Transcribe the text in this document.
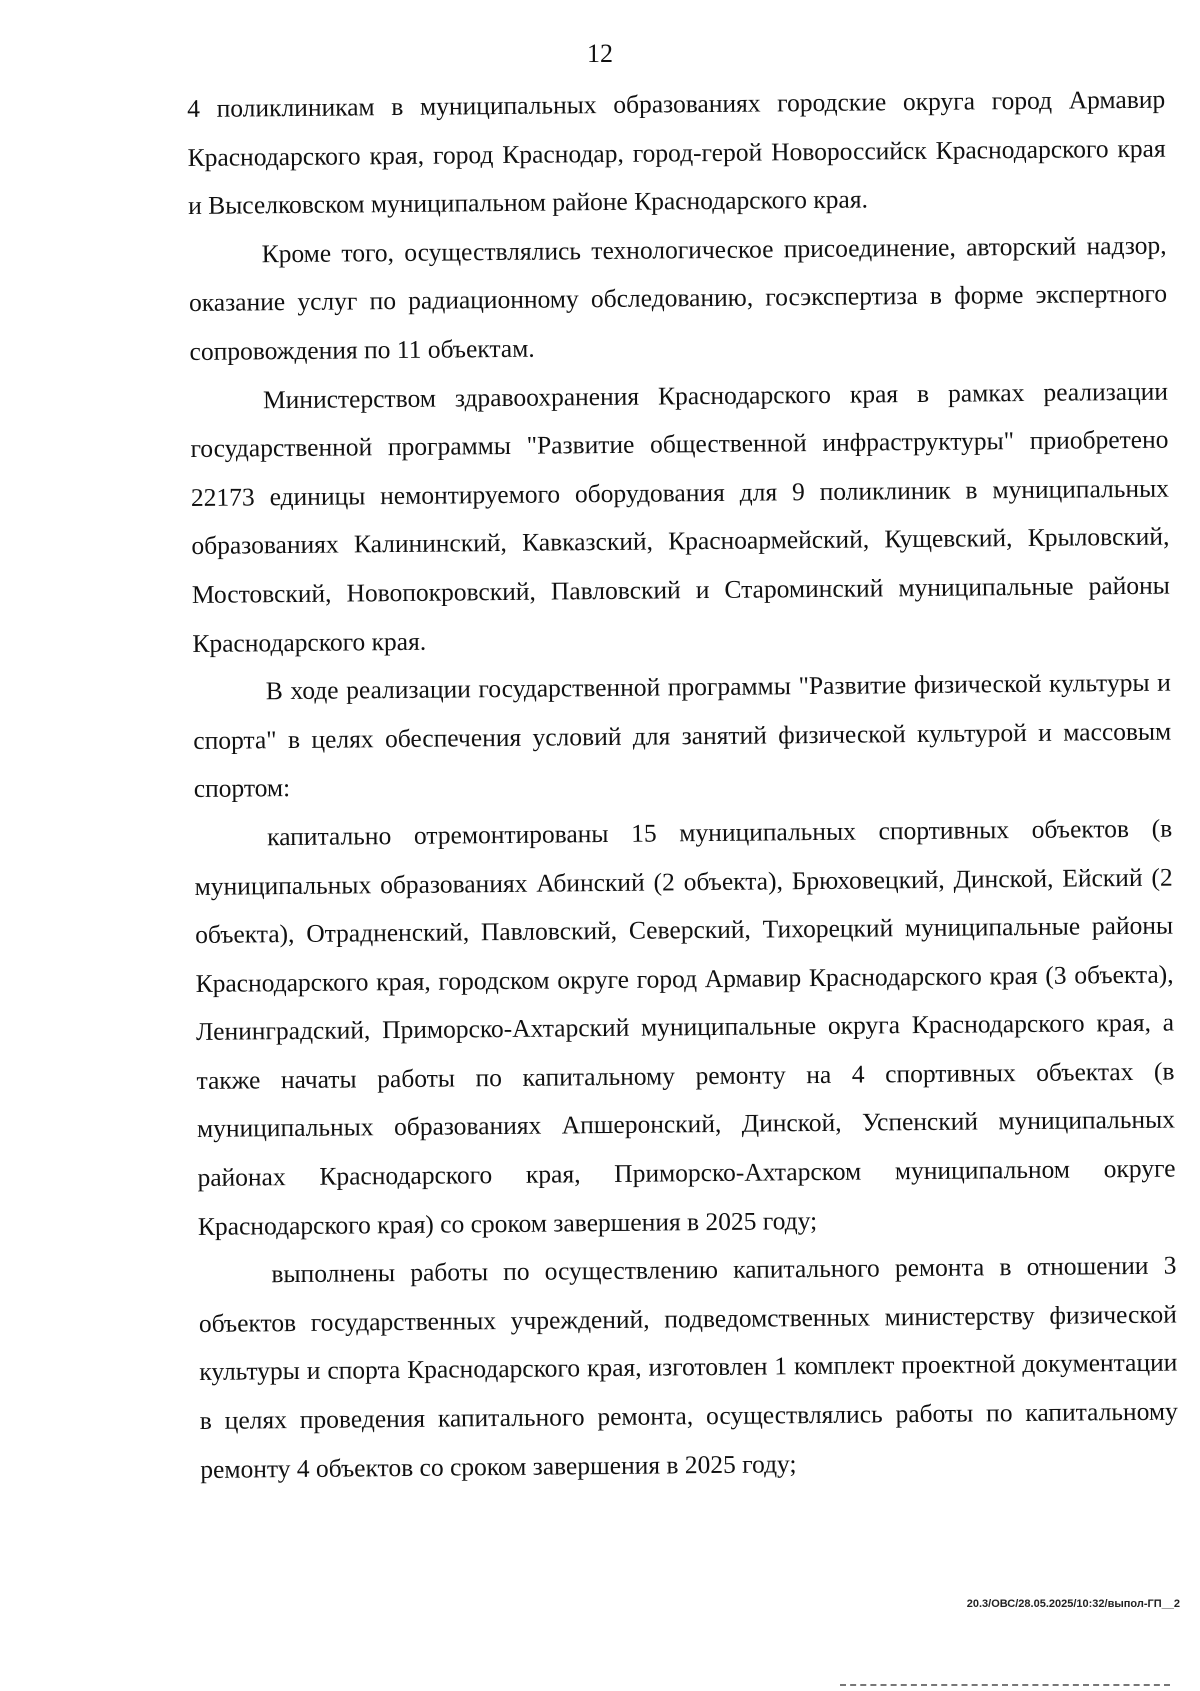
12

4 поликлиникам в муниципальных образованиях городские округа город Армавир Краснодарского края, город Краснодар, город-герой Новороссийск Краснодарского края и Выселковском муниципальном районе Краснодарского края.

Кроме того, осуществлялись технологическое присоединение, авторский надзор, оказание услуг по радиационному обследованию, госэкспертиза в форме экспертного сопровождения по 11 объектам.

Министерством здравоохранения Краснодарского края в рамках реализации государственной программы "Развитие общественной инфраструктуры" приобретено 22173 единицы немонтируемого оборудования для 9 поликлиник в муниципальных образованиях Калининский, Кавказский, Красноармейский, Кущевский, Крыловский, Мостовский, Новопокровский, Павловский и Староминский муниципальные районы Краснодарского края.

В ходе реализации государственной программы "Развитие физической культуры и спорта" в целях обеспечения условий для занятий физической культурой и массовым спортом:

капитально отремонтированы 15 муниципальных спортивных объектов (в муниципальных образованиях Абинский (2 объекта), Брюховецкий, Динской, Ейский (2 объекта), Отрадненский, Павловский, Северский, Тихорецкий муниципальные районы Краснодарского края, городском округе город Армавир Краснодарского края (3 объекта), Ленинградский, Приморско-Ахтарский муниципальные округа Краснодарского края, а также начаты работы по капитальному ремонту на 4 спортивных объектах (в муниципальных образованиях Апшеронский, Динской, Успенский муниципальных районах Краснодарского края, Приморско-Ахтарском муниципальном округе Краснодарского края) со сроком завершения в 2025 году;

выполнены работы по осуществлению капитального ремонта в отношении 3 объектов государственных учреждений, подведомственных министерству физической культуры и спорта Краснодарского края, изготовлен 1 комплект проектной документации в целях проведения капитального ремонта, осуществлялись работы по капитальному ремонту 4 объектов со сроком завершения в 2025 году;

20.3/ОВС/28.05.2025/10:32/выпол-ГП__2
